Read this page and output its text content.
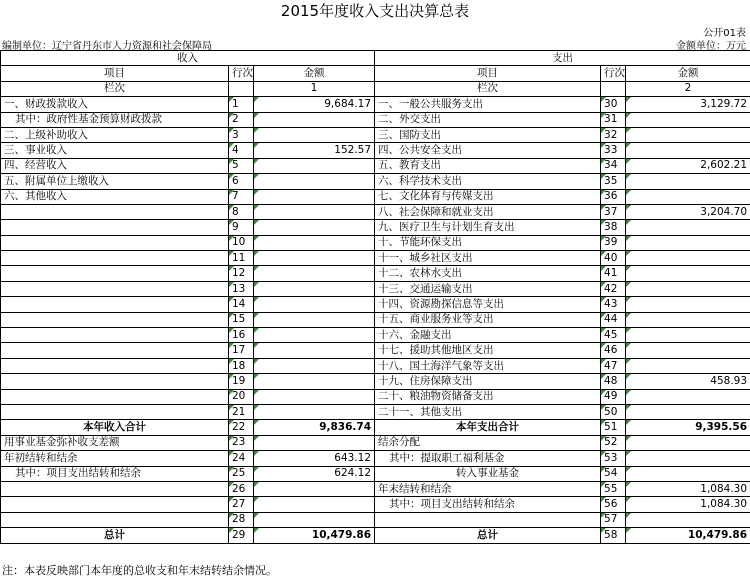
2015年度收入支出决算总表
公开01表
编制单位：辽宁省丹东市人力资源和社会保障局	金额单位：万元
收入			支出		
项目	行次	金额	项目	行次	金额
栏次		1	栏次		2
一、财政拨款收入	1	9,684.17	一、一般公共服务支出	30	3,129.72
其中：政府性基金预算财政拨款	2		二、外交支出	31	
二、上级补助收入	3		三、国防支出	32	
三、事业收入	4	152.57	四、公共安全支出	33	
四、经营收入	5		五、教育支出	34	2,602.21
五、附属单位上缴收入	6		六、科学技术支出	35	
六、其他收入	7		七、文化体育与传媒支出	36	
	8		八、社会保障和就业支出	37	3,204.70
	9		九、医疗卫生与计划生育支出	38	
	10		十、节能环保支出	39	
	11		十一、城乡社区支出	40	
	12		十二、农林水支出	41	
	13		十三、交通运输支出	42	
	14		十四、资源勘探信息等支出	43	
	15		十五、商业服务业等支出	44	
	16		十六、金融支出	45	
	17		十七、援助其他地区支出	46	
	18		十八、国土海洋气象等支出	47	
	19		十九、住房保障支出	48	458.93
	20		二十、粮油物资储备支出	49	
	21		二十一、其他支出	50	
本年收入合计	22	9,836.74	本年支出合计	51	9,395.56
用事业基金弥补收支差额	23		结余分配	52	
年初结转和结余	24	643.12	其中：提取职工福利基金	53	
其中：项目支出结转和结余	25	624.12	转入事业基金	54	
	26		年末结转和结余	55	1,084.30
	27		其中：项目支出结转和结余	56	1,084.30
	28			57	
总计	29	10,479.86	总计	58	10,479.86
注：本表反映部门本年度的总收支和年末结转结余情况。
